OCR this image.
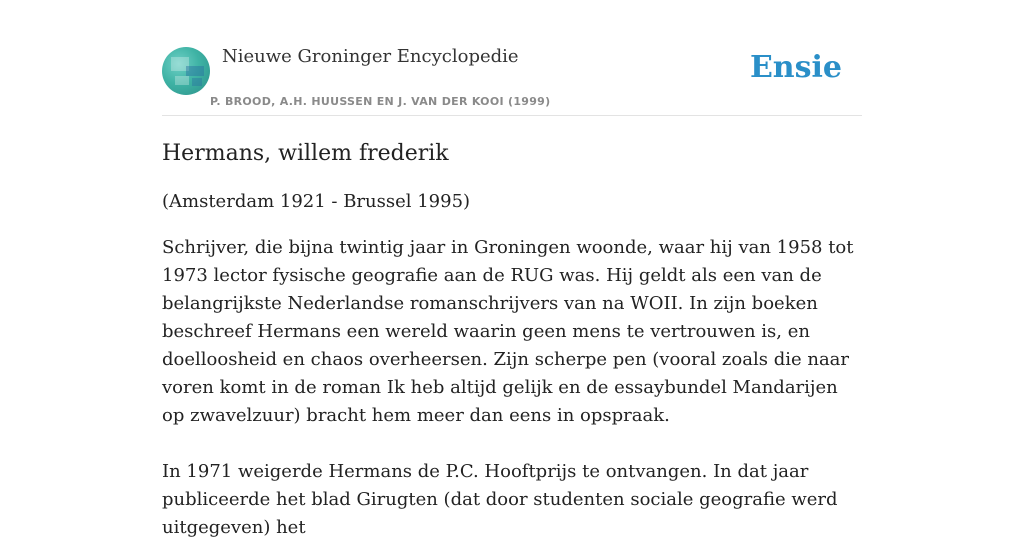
Nieuwe Groninger Encyclopedie
P. BROOD, A.H. HUUSSEN EN J. VAN DER KOOI (1999)
Ensie
Hermans, willem frederik

(Amsterdam 1921 - Brussel 1995)

Schrijver, die bijna twintig jaar in Groningen woonde, waar hij van 1958 tot 1973 lector fysische geografie aan de RUG was. Hij geldt als een van de belangrijkste Nederlandse romanschrijvers van na WOII. In zijn boeken beschreef Hermans een wereld waarin geen mens te vertrouwen is, en doelloosheid en chaos overheersen. Zijn scherpe pen (vooral zoals die naar voren komt in de roman Ik heb altijd gelijk en de essaybundel Mandarijen op zwavelzuur) bracht hem meer dan eens in opspraak.

In 1971 weigerde Hermans de P.C. Hooftprijs te ontvangen. In dat jaar publiceerde het blad Girugten (dat door studenten sociale geografie werd uitgegeven) het
